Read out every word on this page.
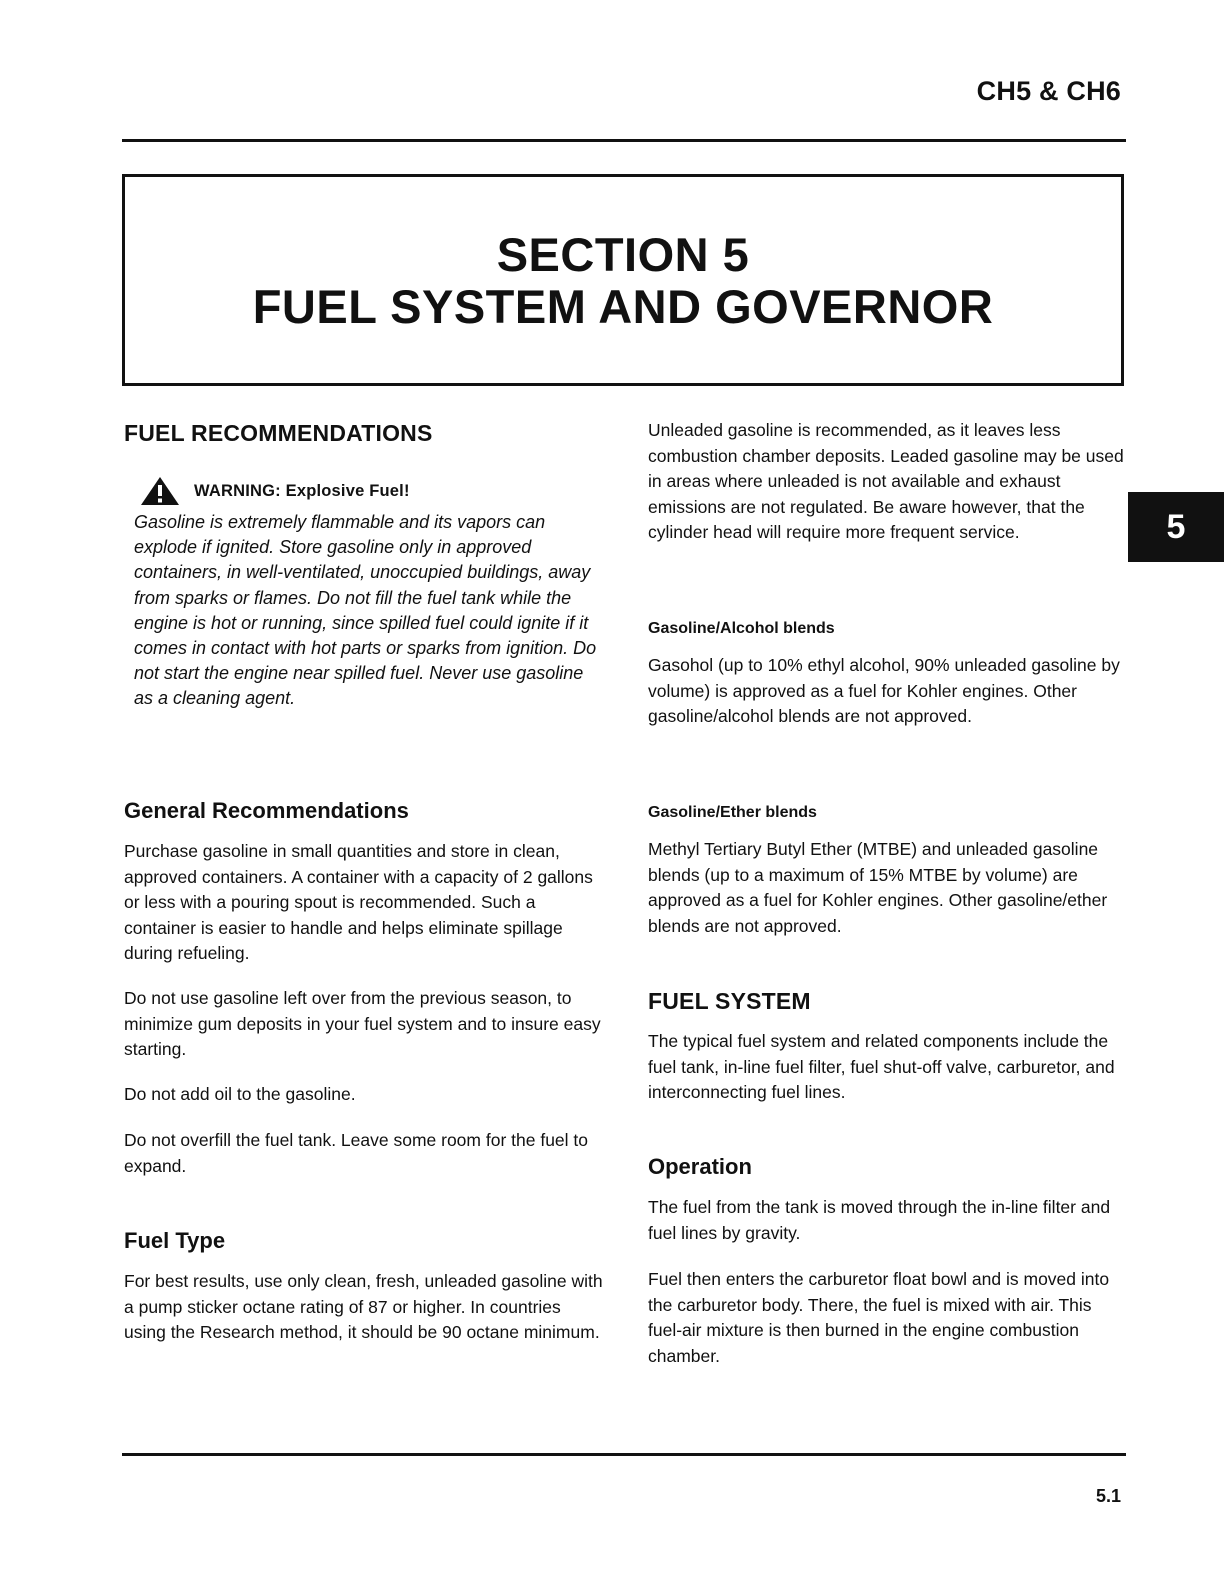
CH5 & CH6
SECTION 5
FUEL SYSTEM AND GOVERNOR
5
FUEL RECOMMENDATIONS
WARNING: Explosive Fuel!
Gasoline is extremely flammable and its vapors can explode if ignited. Store gasoline only in approved containers, in well-ventilated, unoccupied buildings, away from sparks or flames. Do not fill the fuel tank while the engine is hot or running, since spilled fuel could ignite if it comes in contact with hot parts or sparks from ignition. Do not start the engine near spilled fuel. Never use gasoline as a cleaning agent.
General Recommendations
Purchase gasoline in small quantities and store in clean, approved containers. A container with a capacity of 2 gallons or less with a pouring spout is recommended. Such a container is easier to handle and helps eliminate spillage during refueling.
Do not use gasoline left over from the previous season, to minimize gum deposits in your fuel system and to insure easy starting.
Do not add oil to the gasoline.
Do not overfill the fuel tank. Leave some room for the fuel to expand.
Fuel Type
For best results, use only clean, fresh, unleaded gasoline with a pump sticker octane rating of 87 or higher. In countries using the Research method, it should be 90 octane minimum.
Unleaded gasoline is recommended, as it leaves less combustion chamber deposits. Leaded gasoline may be used in areas where unleaded is not available and exhaust emissions are not regulated. Be aware however, that the cylinder head will require more frequent service.
Gasoline/Alcohol blends
Gasohol (up to 10% ethyl alcohol, 90% unleaded gasoline by volume) is approved as a fuel for Kohler engines. Other gasoline/alcohol blends are not approved.
Gasoline/Ether blends
Methyl Tertiary Butyl Ether (MTBE) and unleaded gasoline blends (up to a maximum of 15% MTBE by volume) are approved as a fuel for Kohler engines. Other gasoline/ether blends are not approved.
FUEL SYSTEM
The typical fuel system and related components include the fuel tank, in-line fuel filter, fuel shut-off valve, carburetor, and interconnecting fuel lines.
Operation
The fuel from the tank is moved through the in-line filter and fuel lines by gravity.
Fuel then enters the carburetor float bowl and is moved into the carburetor body. There, the fuel is mixed with air. This fuel-air mixture is then burned in the engine combustion chamber.
5.1
